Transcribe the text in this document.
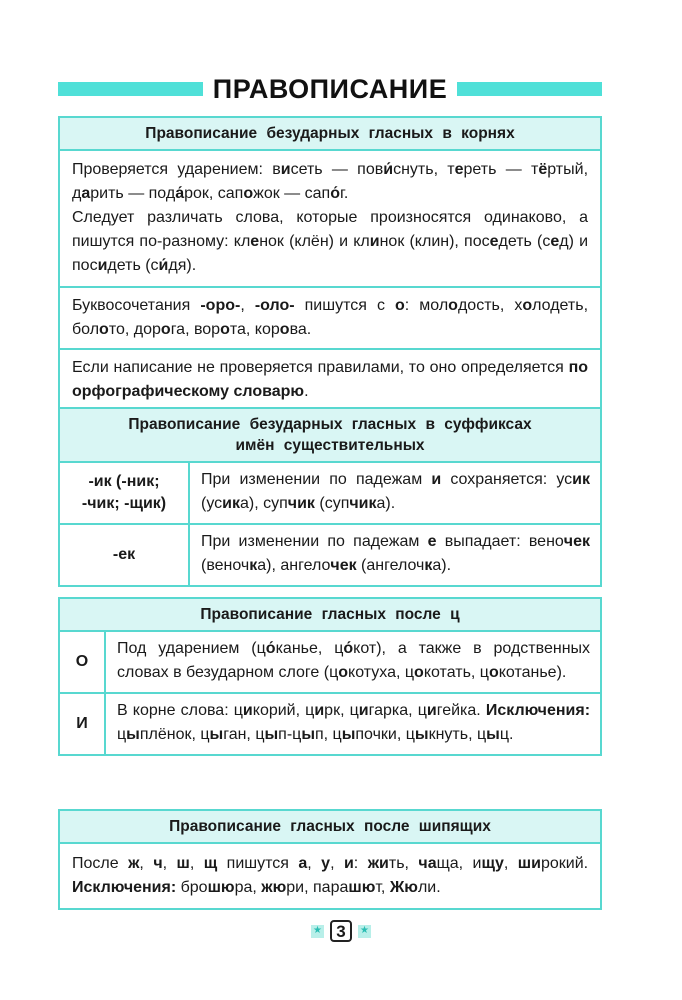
ПРАВОПИСАНИЕ
Правописание безударных гласных в корнях
Проверяется ударением: висеть — пови́снуть, тереть — тёртый, дарить — пода́рок, сапожок — сапо́г.
Следует различать слова, которые произносятся одинаково, а пишутся по-разному: кленок (клён) и клинок (клин), поседеть (сед) и посидеть (си́дя).
Буквосочетания -оро-, -оло- пишутся с о: молодость, холодеть, болото, дорога, ворота, корова.
Если написание не проверяется правилами, то оно определяется по орфографическому словарю.
Правописание безударных гласных в суффиксах
имён существительных
-ик (-ник;
-чик; -щик)
При изменении по падежам и сохраняется: усик (усика), супчик (супчика).
-ек
При изменении по падежам е выпадает: веночек (веночка), ангелочек (ангелочка).
Правописание гласных после ц
О
Под ударением (цо́канье, цо́кот), а также в родственных словах в безударном слоге (цокотуха, цокотать, цокотанье).
И
В корне слова: цикорий, цирк, цигарка, цигейка. Исключения: цыплёнок, цыган, цып-цып, цыпочки, цыкнуть, цыц.
Правописание гласных после шипящих
После ж, ч, ш, щ пишутся а, у, и: жить, чаща, ищу, широкий. Исключения: брошюра, жюри, парашют, Жюли.
★ 3	★
